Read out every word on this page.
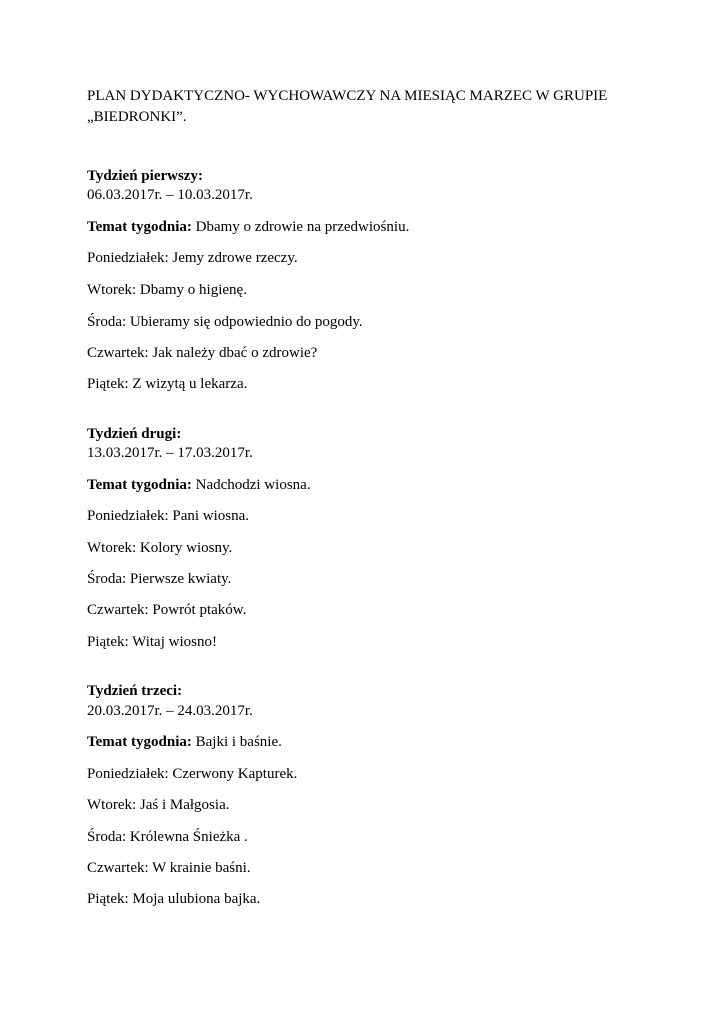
PLAN DYDAKTYCZNO- WYCHOWAWCZY NA MIESIĄC MARZEC W GRUPIE
„BIEDRONKI”.
Tydzień pierwszy:
06.03.2017r. – 10.03.2017r.
Temat tygodnia: Dbamy o zdrowie na przedwiośniu.
Poniedziałek: Jemy zdrowe rzeczy.
Wtorek: Dbamy o higienę.
Środa: Ubieramy się odpowiednio do pogody.
Czwartek: Jak należy dbać o zdrowie?
Piątek: Z wizytą u lekarza.
Tydzień drugi:
13.03.2017r. – 17.03.2017r.
Temat tygodnia: Nadchodzi wiosna.
Poniedziałek: Pani wiosna.
Wtorek: Kolory wiosny.
Środa: Pierwsze kwiaty.
Czwartek: Powrót ptaków.
Piątek: Witaj wiosno!
Tydzień trzeci:
20.03.2017r. – 24.03.2017r.
Temat tygodnia: Bajki i baśnie.
Poniedziałek: Czerwony Kapturek.
Wtorek: Jaś i Małgosia.
Środa: Królewna Śnieżka .
Czwartek: W krainie baśni.
Piątek: Moja ulubiona bajka.
